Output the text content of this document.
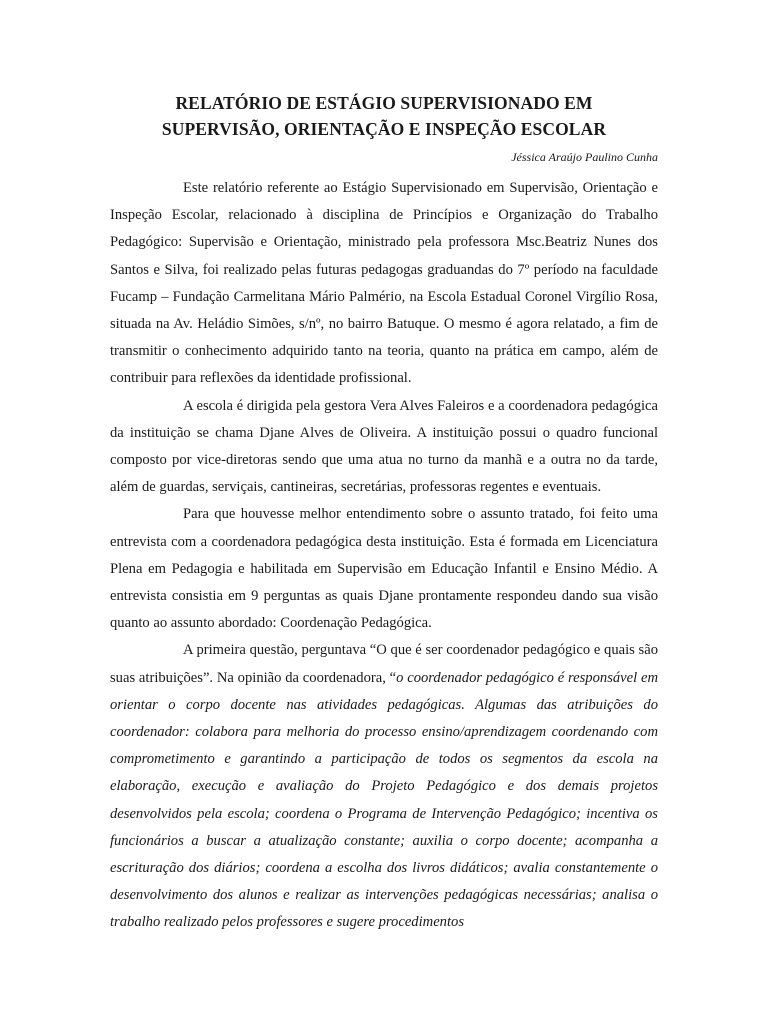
RELATÓRIO DE ESTÁGIO SUPERVISIONADO EM
SUPERVISÃO, ORIENTAÇÃO E INSPEÇÃO ESCOLAR

Jéssica Araújo Paulino Cunha

Este relatório referente ao Estágio Supervisionado em Supervisão, Orientação e Inspeção Escolar, relacionado à disciplina de Princípios e Organização do Trabalho Pedagógico: Supervisão e Orientação, ministrado pela professora Msc.Beatriz Nunes dos Santos e Silva, foi realizado pelas futuras pedagogas graduandas do 7º período na faculdade Fucamp – Fundação Carmelitana Mário Palmério, na Escola Estadual Coronel Virgílio Rosa, situada na Av. Heládio Simões, s/nº, no bairro Batuque. O mesmo é agora relatado, a fim de transmitir o conhecimento adquirido tanto na teoria, quanto na prática em campo, além de contribuir para reflexões da identidade profissional.

A escola é dirigida pela gestora Vera Alves Faleiros e a coordenadora pedagógica da instituição se chama Djane Alves de Oliveira. A instituição possui o quadro funcional composto por vice-diretoras sendo que uma atua no turno da manhã e a outra no da tarde, além de guardas, serviçais, cantineiras, secretárias, professoras regentes e eventuais.

Para que houvesse melhor entendimento sobre o assunto tratado, foi feito uma entrevista com a coordenadora pedagógica desta instituição. Esta é formada em Licenciatura Plena em Pedagogia e habilitada em Supervisão em Educação Infantil e Ensino Médio. A entrevista consistia em 9 perguntas as quais Djane prontamente respondeu dando sua visão quanto ao assunto abordado: Coordenação Pedagógica.

A primeira questão, perguntava “O que é ser coordenador pedagógico e quais são suas atribuições”. Na opinião da coordenadora, “o coordenador pedagógico é responsável em orientar o corpo docente nas atividades pedagógicas. Algumas das atribuições do coordenador: colabora para melhoria do processo ensino/aprendizagem coordenando com comprometimento e garantindo a participação de todos os segmentos da escola na elaboração, execução e avaliação do Projeto Pedagógico e dos demais projetos desenvolvidos pela escola; coordena o Programa de Intervenção Pedagógico; incentiva os funcionários a buscar a atualização constante; auxilia o corpo docente; acompanha a escrituração dos diários; coordena a escolha dos livros didáticos; avalia constantemente o desenvolvimento dos alunos e realizar as intervenções pedagógicas necessárias; analisa o trabalho realizado pelos professores e sugere procedimentos
